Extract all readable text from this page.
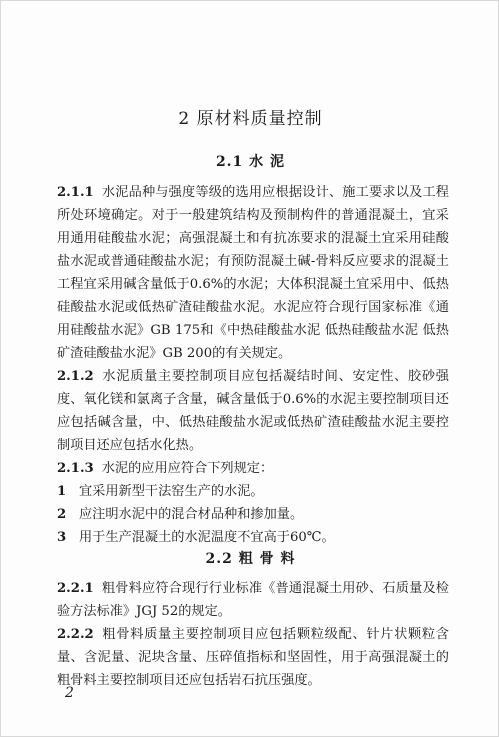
2 原材料质量控制
2.1 水 泥

2.1.1 水泥品种与强度等级的选用应根据设计、施工要求以及工程所处环境确定。对于一般建筑结构及预制构件的普通混凝土，宜采用通用硅酸盐水泥；高强混凝土和有抗冻要求的混凝土宜采用硅酸盐水泥或普通硅酸盐水泥；有预防混凝土碱-骨料反应要求的混凝土工程宜采用碱含量低于0.6%的水泥；大体积混凝土宜采用中、低热硅酸盐水泥或低热矿渣硅酸盐水泥。水泥应符合现行国家标准《通用硅酸盐水泥》GB 175和《中热硅酸盐水泥 低热硅酸盐水泥 低热矿渣硅酸盐水泥》GB 200的有关规定。

2.1.2 水泥质量主要控制项目应包括凝结时间、安定性、胶砂强度、氧化镁和氯离子含量，碱含量低于0.6%的水泥主要控制项目还应包括碱含量，中、低热硅酸盐水泥或低热矿渣硅酸盐水泥主要控制项目还应包括水化热。

2.1.3 水泥的应用应符合下列规定：

1 宜采用新型干法窑生产的水泥。

2 应注明水泥中的混合材品种和掺加量。

3 用于生产混凝土的水泥温度不宜高于60℃。

2.2 粗 骨 料

2.2.1 粗骨料应符合现行行业标准《普通混凝土用砂、石质量及检验方法标准》JGJ 52的规定。

2.2.2 粗骨料质量主要控制项目应包括颗粒级配、针片状颗粒含量、含泥量、泥块含量、压碎值指标和坚固性，用于高强混凝土的粗骨料主要控制项目还应包括岩石抗压强度。

2
